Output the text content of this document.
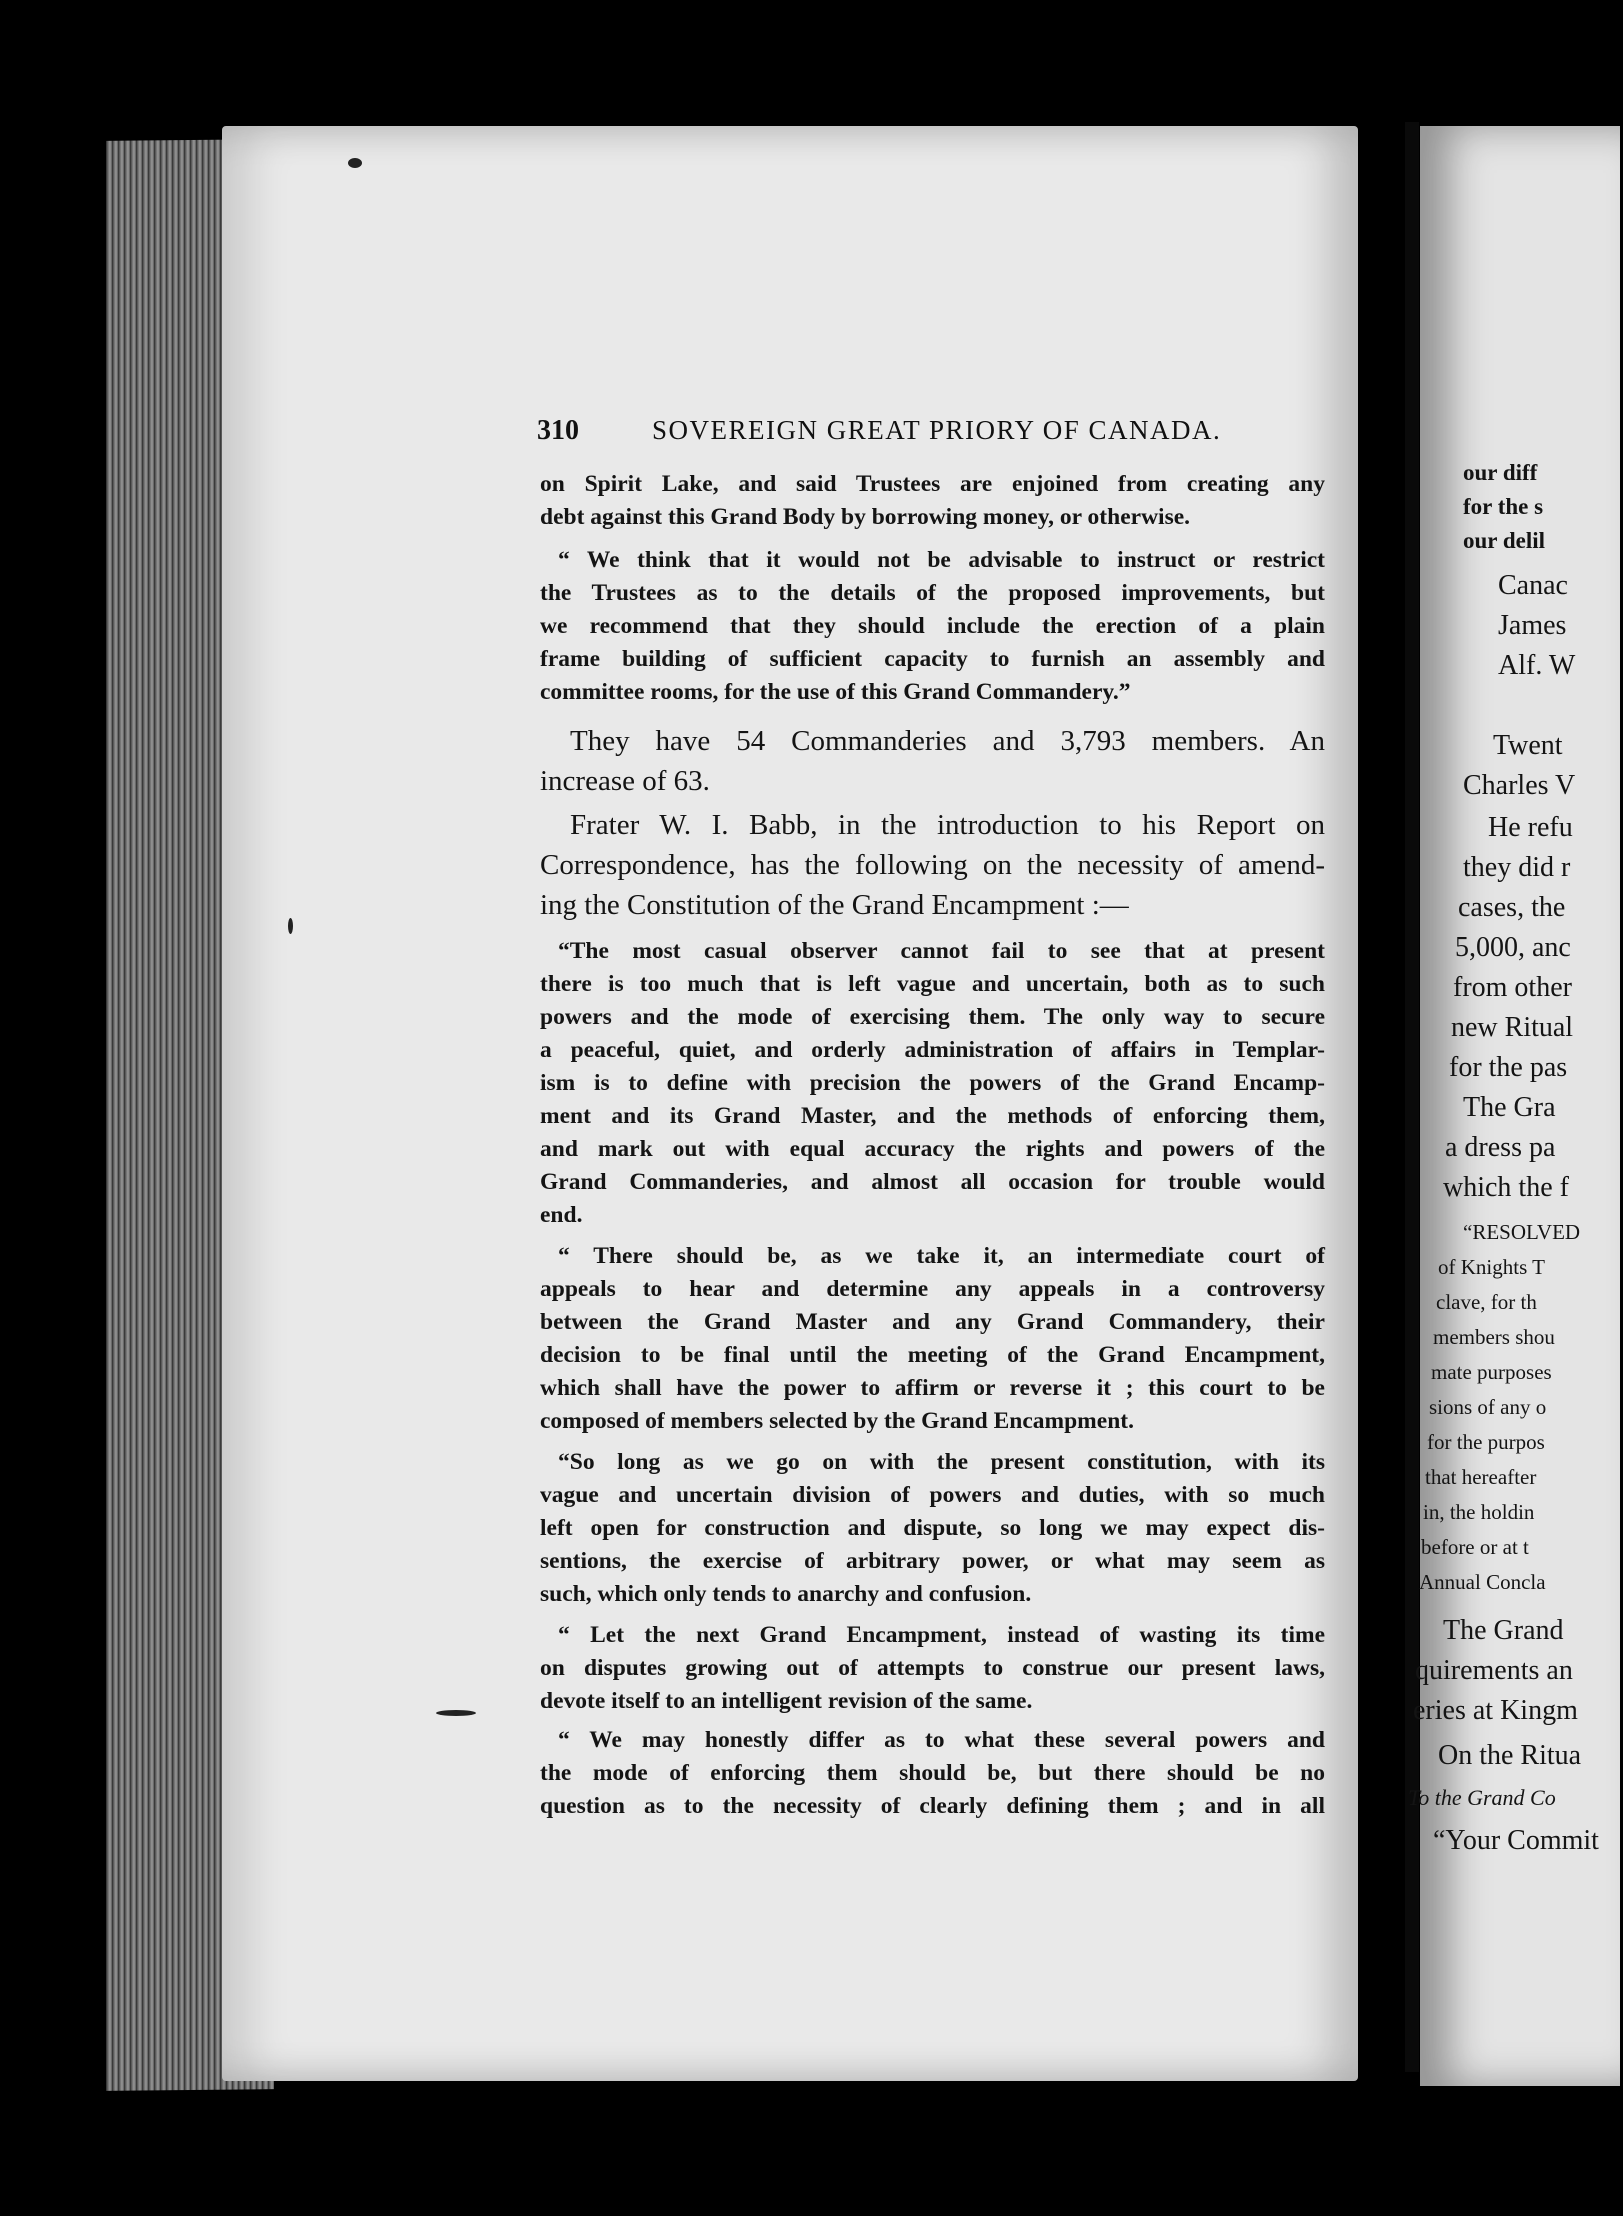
310	SOVEREIGN GREAT PRIORY OF CANADA.
on Spirit Lake, and said Trustees are enjoined from creating any
debt against this Grand Body by borrowing money, or otherwise.
“ We think that it would not be advisable to instruct or restrict
the Trustees as to the details of the proposed improvements, but
we recommend that they should include the erection of a plain
frame building of sufficient capacity to furnish an assembly and
committee rooms, for the use of this Grand Commandery.”
They have 54 Commanderies and 3,793 members. An
increase of 63.
Frater W. I. Babb, in the introduction to his Report on
Correspondence, has the following on the necessity of amend-
ing the Constitution of the Grand Encampment :—
“The most casual observer cannot fail to see that at present
there is too much that is left vague and uncertain, both as to such
powers and the mode of exercising them. The only way to secure
a peaceful, quiet, and orderly administration of affairs in Templar-
ism is to define with precision the powers of the Grand Encamp-
ment and its Grand Master, and the methods of enforcing them,
and mark out with equal accuracy the rights and powers of the
Grand Commanderies, and almost all occasion for trouble would
end.
“ There should be, as we take it, an intermediate court of
appeals to hear and determine any appeals in a controversy
between the Grand Master and any Grand Commandery, their
decision to be final until the meeting of the Grand Encampment,
which shall have the power to affirm or reverse it ; this court to be
composed of members selected by the Grand Encampment.
“So long as we go on with the present constitution, with its
vague and uncertain division of powers and duties, with so much
left open for construction and dispute, so long we may expect dis-
sentions, the exercise of arbitrary power, or what may seem as
such, which only tends to anarchy and confusion.
“ Let the next Grand Encampment, instead of wasting its time
on disputes growing out of attempts to construe our present laws,
devote itself to an intelligent revision of the same.
“ We may honestly differ as to what these several powers and
the mode of enforcing them should be, but there should be no
question as to the necessity of clearly defining them ; and in all
our diff
for the s
our delil
Canac
James
Alf. W
Twent
Charles V
He refu
they did r
cases, the
5,000, anc
from other
new Ritual
for the pas
The Gra
a dress pa
which the f
“RESOLVED
of Knights T
clave, for th
members shou
mate purposes
sions of any o
for the purpos
that hereafter
in, the holdin
before or at t
Annual Concla
The Grand
quirements an
eries at Kingm
On the Ritua
To the Grand Co
“Your Commit
